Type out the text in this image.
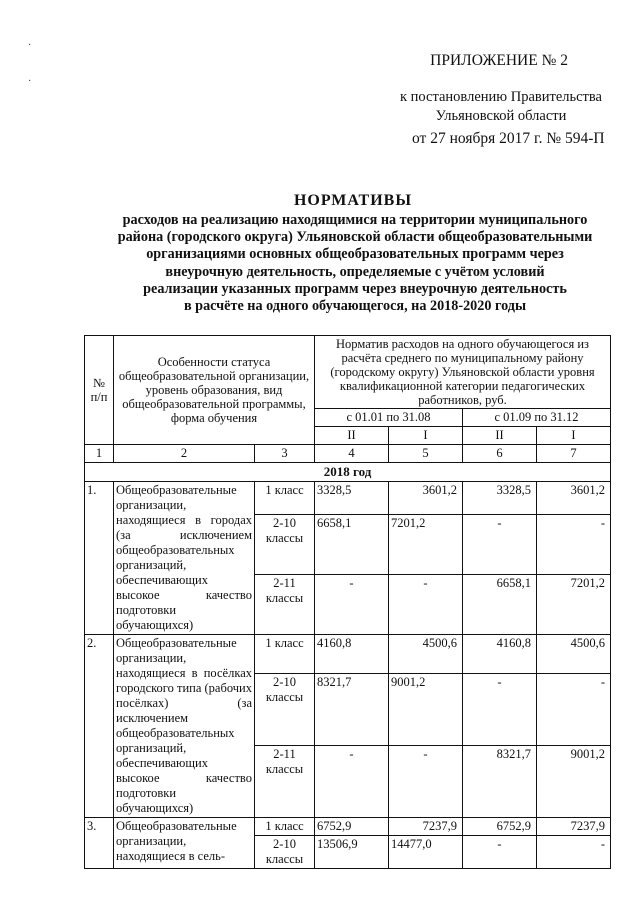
·

·
ПРИЛОЖЕНИЕ № 2
к постановлению Правительства
Ульяновской области
от 27 ноября 2017 г. № 594-П
НОРМАТИВЫ
расходов на реализацию находящимися на территории муниципального
района (городского округа) Ульяновской области общеобразовательными
организациями основных общеобразовательных программ через
внеурочную деятельность, определяемые с учётом условий
реализации указанных программ через внеурочную деятельность
в расчёте на одного обучающегося, на 2018-2020 годы
№ п/п	Особенности статуса общеобразовательной организации, уровень образования, вид общеобразовательной программы, форма обучения		Норматив расходов на одного обучающегося из расчёта среднего по муниципальному району (городскому округу) Ульяновской области уровня квалификационной категории педагогических работников, руб.			
			с 01.01 по 31.08		с 01.09 по 31.12	
			II	I	II	I
1	2	3	4	5	6	7
2018 год						
1.	Общеобразовательные организации, находящиеся в городах (за исключением общеобразовательных организаций, обеспечивающих высокое качество подготовки обучающихся)	1 класс	3328,5	3601,2	3328,5	3601,2
		2-10 классы	6658,1	7201,2	-	-
		2-11 классы	-	-	6658,1	7201,2
2.	Общеобразовательные организации, находящиеся в посёлках городского типа (рабочих посёлках) (за исключением общеобразовательных организаций, обеспечивающих высокое качество подготовки обучающихся)	1 класс	4160,8	4500,6	4160,8	4500,6
		2-10 классы	8321,7	9001,2	-	-
		2-11 классы	-	-	8321,7	9001,2
3.	Общеобразовательные организации, находящиеся в сель-	1 класс	6752,9	7237,9	6752,9	7237,9
		2-10 классы	13506,9	14477,0	-	-
